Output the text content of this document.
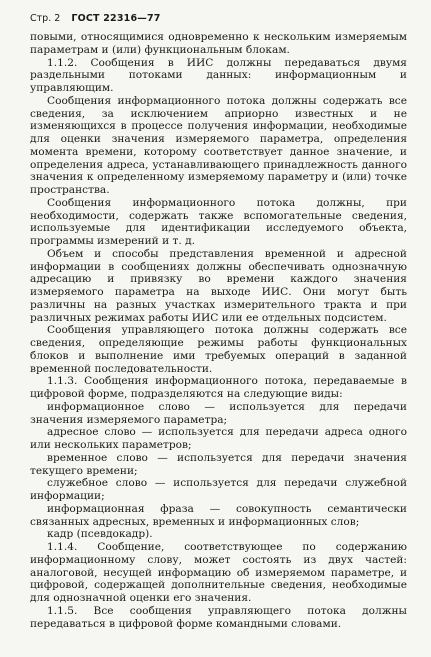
Стр. 2 ГОСТ 22316—77

повыми, относящимися одновременно к нескольким измеряемым параметрам и (или) функциональным блокам.

1.1.2. Сообщения в ИИС должны передаваться двумя раздельными потоками данных: информационным и управляющим.

Сообщения информационного потока должны содержать все сведения, за исключением априорно известных и не изменяющихся в процессе получения информации, необходимые для оценки значения измеряемого параметра, определения момента времени, которому соответствует данное значение, и определения адреса, устанавливающего принадлежность данного значения к определенному измеряемому параметру и (или) точке пространства.

Сообщения информационного потока должны, при необходимости, содержать также вспомогательные сведения, используемые для идентификации исследуемого объекта, программы измерений и т. д.

Объем и способы представления временной и адресной информации в сообщениях должны обеспечивать однозначную адресацию и привязку во времени каждого значения измеряемого параметра на выходе ИИС. Они могут быть различны на разных участках измерительного тракта и при различных режимах работы ИИС или ее отдельных подсистем.

Сообщения управляющего потока должны содержать все сведения, определяющие режимы работы функциональных блоков и выполнение ими требуемых операций в заданной временной последовательности.

1.1.3. Сообщения информационного потока, передаваемые в цифровой форме, подразделяются на следующие виды:

информационное слово — используется для передачи значения измеряемого параметра;

адресное слово — используется для передачи адреса одного или нескольких параметров;

временное слово — используется для передачи значения текущего времени;

служебное слово — используется для передачи служебной информации;

информационная фраза — совокупность семантически связанных адресных, временных и информационных слов;

кадр (псевдокадр).

1.1.4. Сообщение, соответствующее по содержанию информационному слову, может состоять из двух частей: аналоговой, несущей информацию об измеряемом параметре, и цифровой, содержащей дополнительные сведения, необходимые для однозначной оценки его значения.

1.1.5. Все сообщения управляющего потока должны передаваться в цифровой форме командными словами.
